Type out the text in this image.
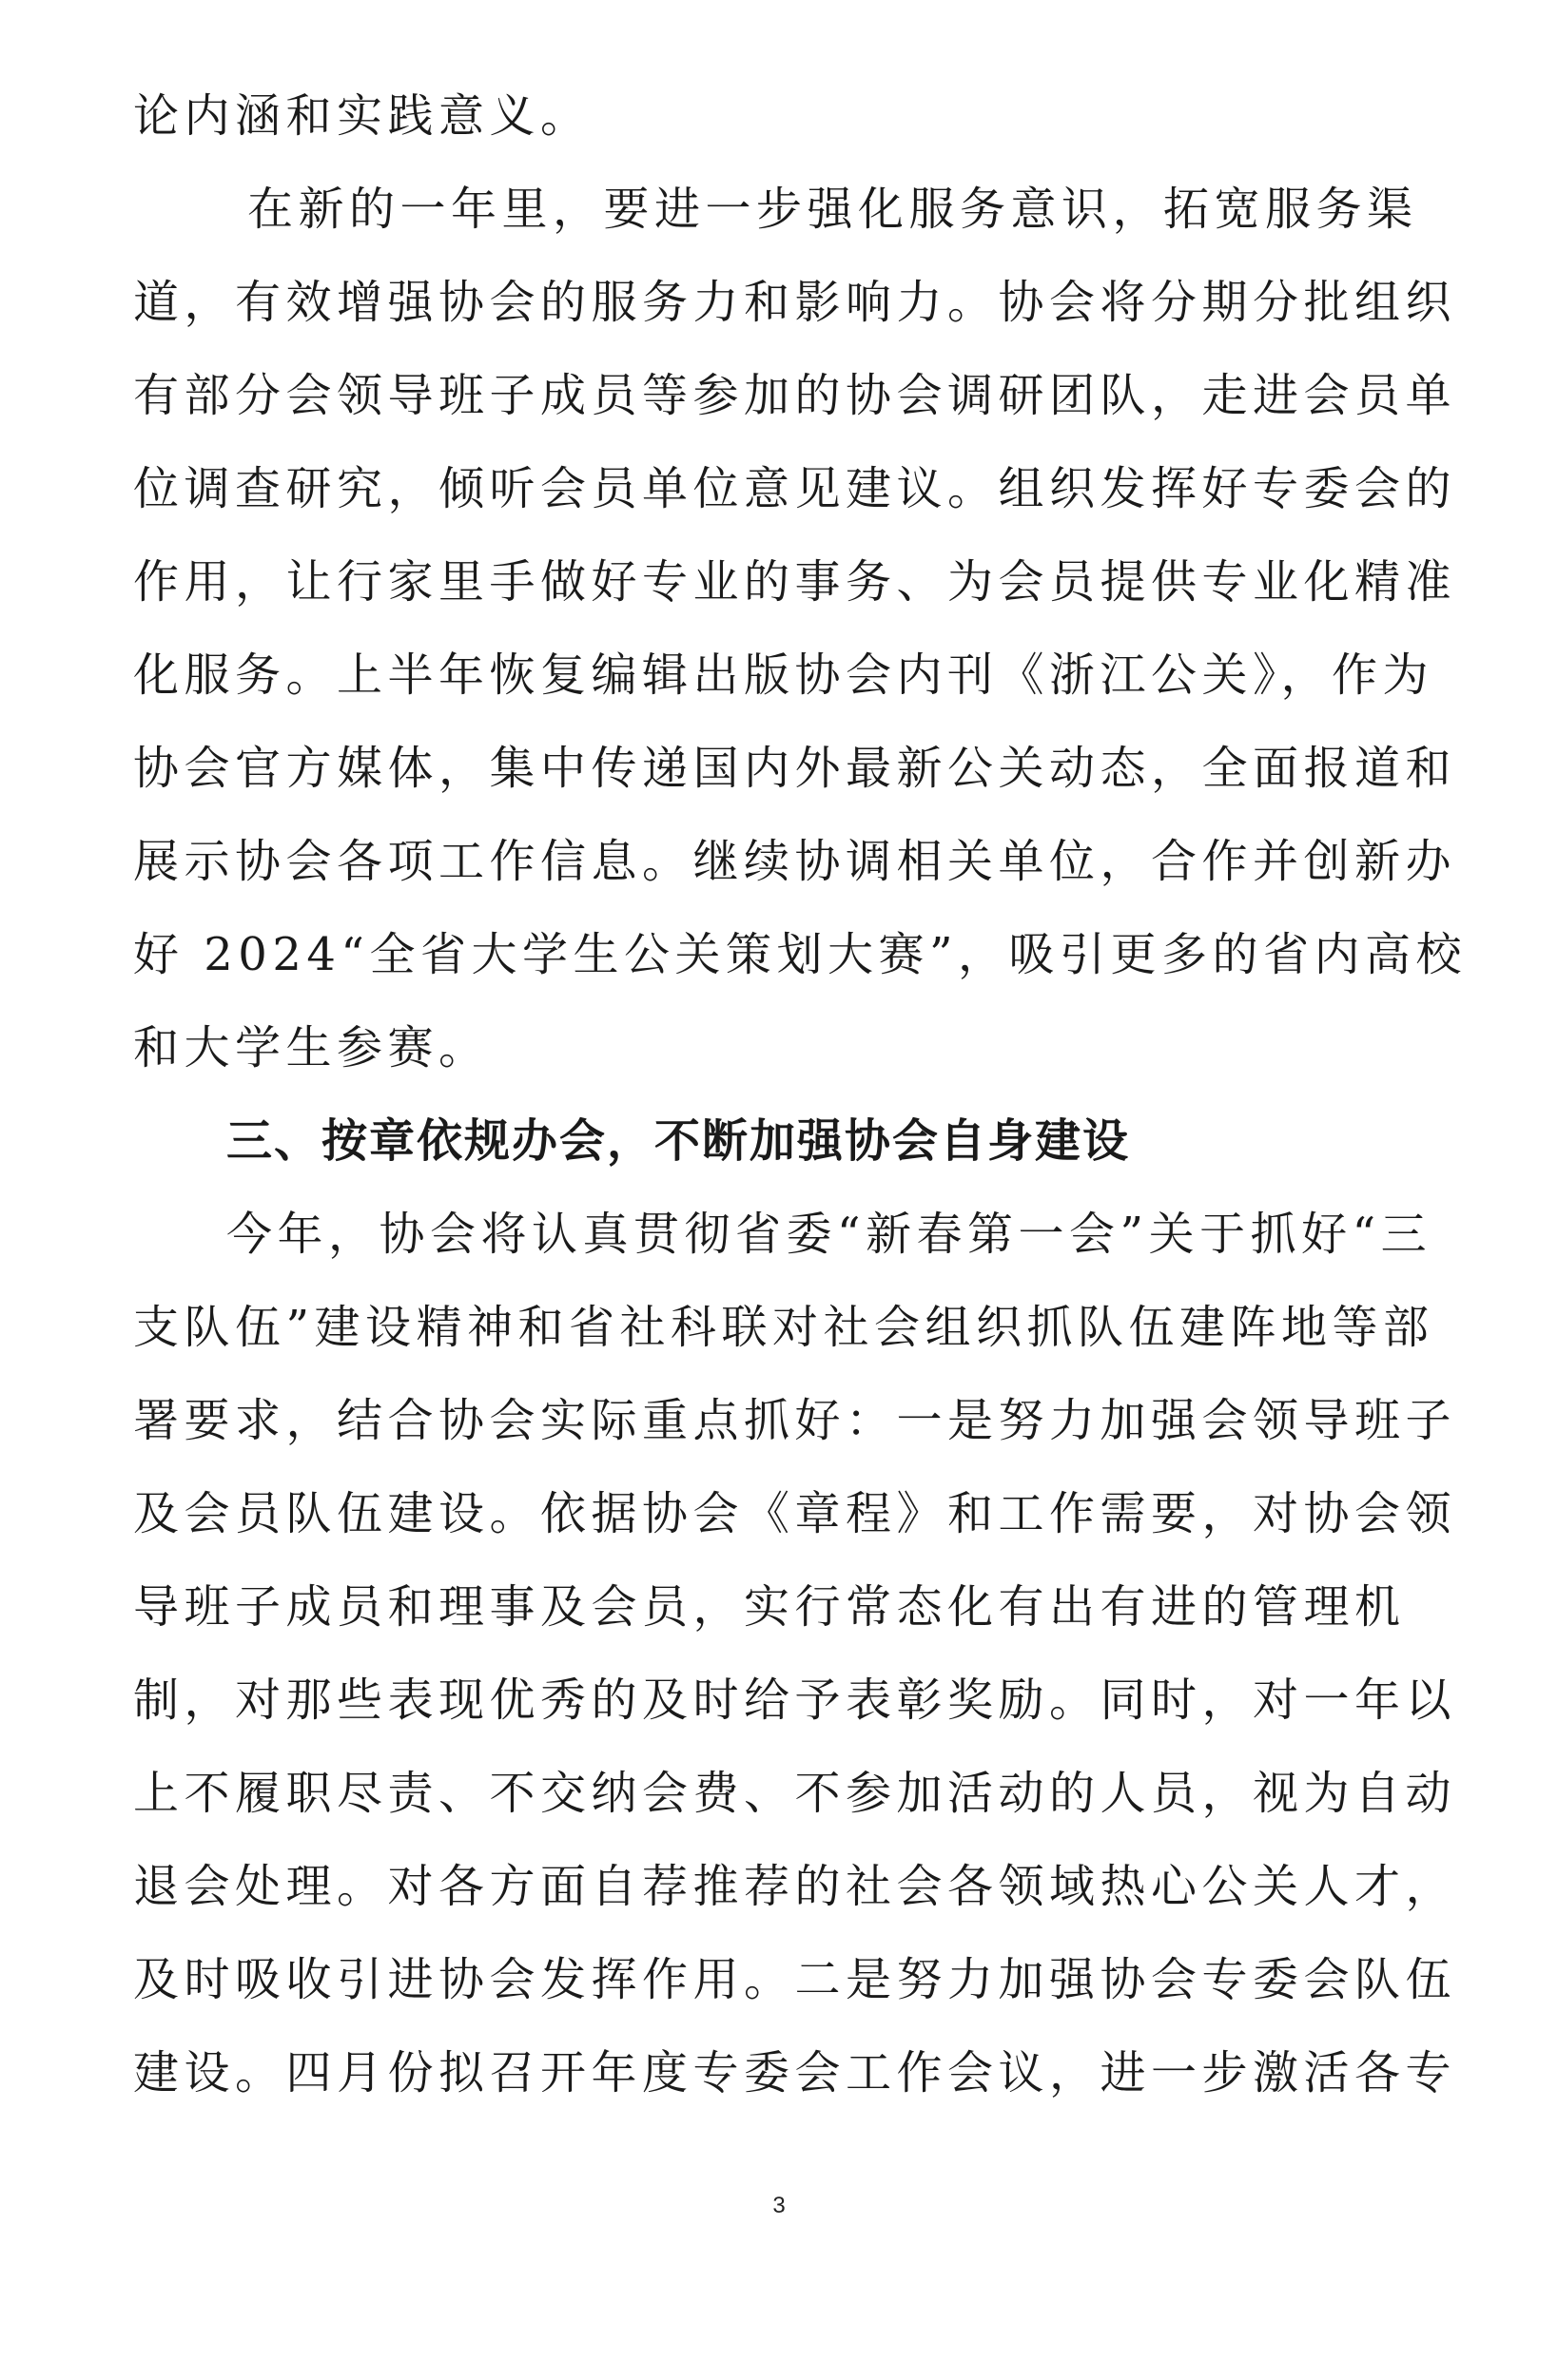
论内涵和实践意义。
在新的一年里，要进一步强化服务意识，拓宽服务渠
道，有效增强协会的服务力和影响力。协会将分期分批组织
有部分会领导班子成员等参加的协会调研团队，走进会员单
位调查研究，倾听会员单位意见建议。组织发挥好专委会的
作用，让行家里手做好专业的事务、为会员提供专业化精准
化服务。上半年恢复编辑出版协会内刊《浙江公关》，作为
协会官方媒体，集中传递国内外最新公关动态，全面报道和
展示协会各项工作信息。继续协调相关单位，合作并创新办
好 2024“全省大学生公关策划大赛”，吸引更多的省内高校
和大学生参赛。
三、按章依规办会，不断加强协会自身建设
今年，协会将认真贯彻省委“新春第一会”关于抓好“三
支队伍”建设精神和省社科联对社会组织抓队伍建阵地等部
署要求，结合协会实际重点抓好：一是努力加强会领导班子
及会员队伍建设。依据协会《章程》和工作需要，对协会领
导班子成员和理事及会员，实行常态化有出有进的管理机
制，对那些表现优秀的及时给予表彰奖励。同时，对一年以
上不履职尽责、不交纳会费、不参加活动的人员，视为自动
退会处理。对各方面自荐推荐的社会各领域热心公关人才，
及时吸收引进协会发挥作用。二是努力加强协会专委会队伍
建设。四月份拟召开年度专委会工作会议，进一步激活各专
3
